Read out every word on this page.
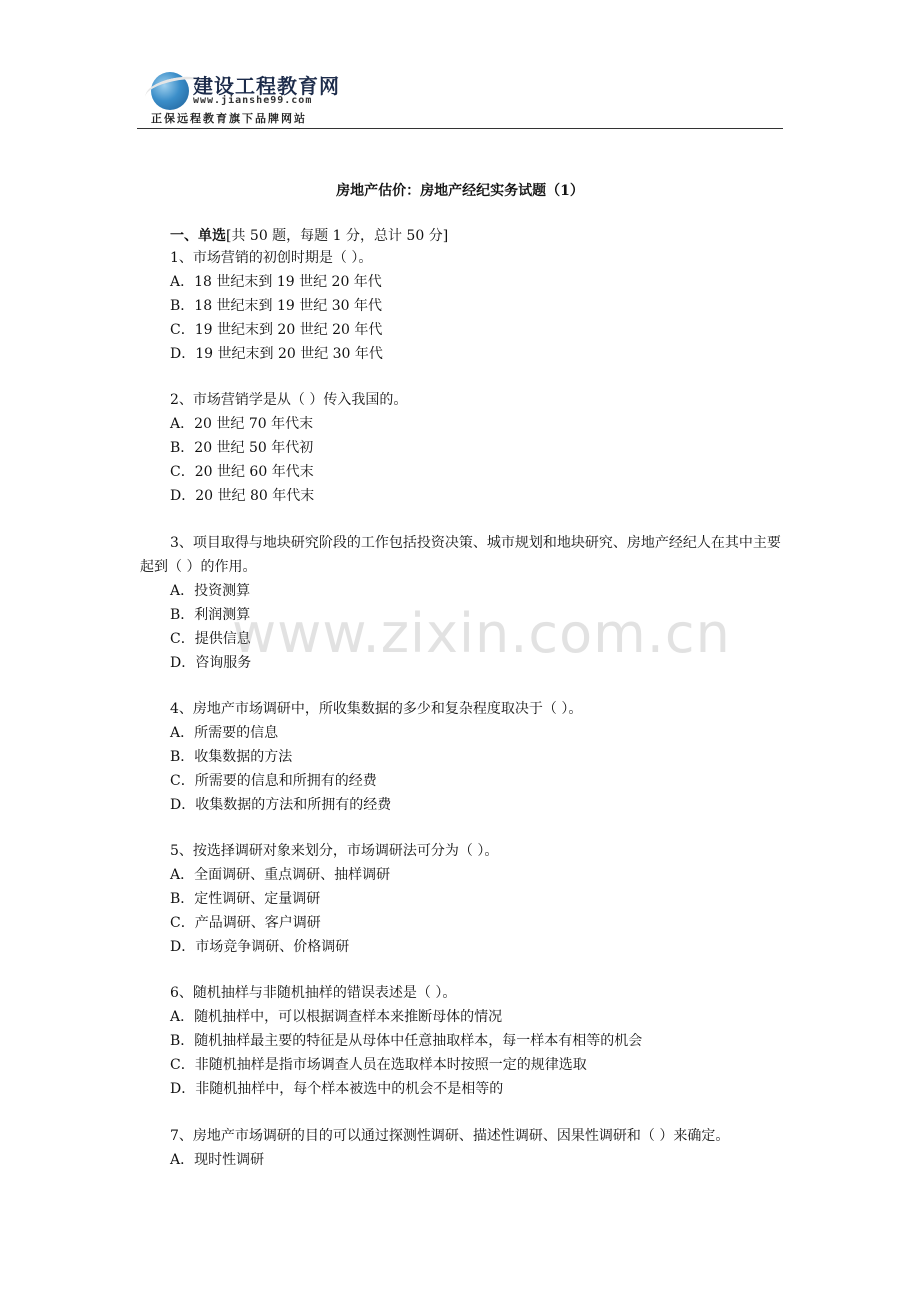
建设工程教育网
www.jianshe99.com
正保远程教育旗下品牌网站
房地产估价：房地产经纪实务试题（1）
一、单选[共 50 题，每题 1 分，总计 50 分]

1、市场营销的初创时期是（ ）。

A．18 世纪末到 19 世纪 20 年代

B．18 世纪末到 19 世纪 30 年代

C．19 世纪末到 20 世纪 20 年代

D．19 世纪末到 20 世纪 30 年代

2、市场营销学是从（ ）传入我国的。

A．20 世纪 70 年代末

B．20 世纪 50 年代初

C．20 世纪 60 年代末

D．20 世纪 80 年代末

3、项目取得与地块研究阶段的工作包括投资决策、城市规划和地块研究、房地产经纪人在其中主要起到（ ）的作用。

A．投资测算

B．利润测算

C．提供信息

D．咨询服务

4、房地产市场调研中，所收集数据的多少和复杂程度取决于（ ）。

A．所需要的信息

B．收集数据的方法

C．所需要的信息和所拥有的经费

D．收集数据的方法和所拥有的经费

5、按选择调研对象来划分，市场调研法可分为（ ）。

A．全面调研、重点调研、抽样调研

B．定性调研、定量调研

C．产品调研、客户调研

D．市场竞争调研、价格调研

6、随机抽样与非随机抽样的错误表述是（ ）。

A．随机抽样中，可以根据调查样本来推断母体的情况

B．随机抽样最主要的特征是从母体中任意抽取样本，每一样本有相等的机会

C．非随机抽样是指市场调查人员在选取样本时按照一定的规律选取

D．非随机抽样中，每个样本被选中的机会不是相等的

7、房地产市场调研的目的可以通过探测性调研、描述性调研、因果性调研和（ ）来确定。

A．现时性调研

www.zixin.com.cn
